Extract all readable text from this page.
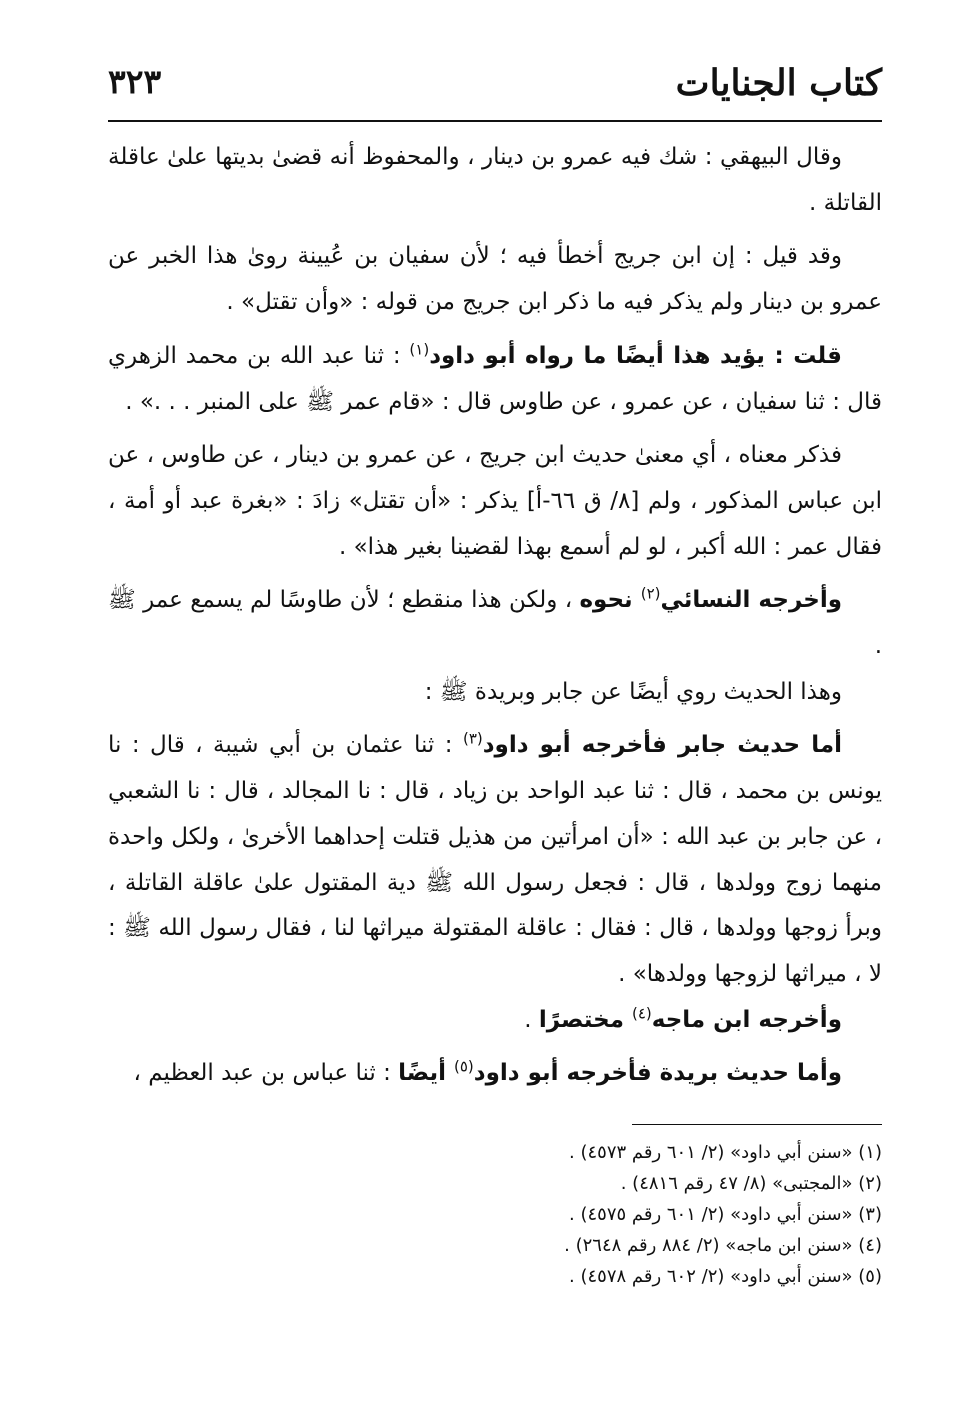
كتاب الجنايات
٣٢٣

وقال البيهقي : شك فيه عمرو بن دينار ، والمحفوظ أنه قضىٰ بديتها علىٰ عاقلة القاتلة .

وقد قيل : إن ابن جريج أخطأ فيه ؛ لأن سفيان بن عُيينة روىٰ هذا الخبر عن عمرو بن دينار ولم يذكر فيه ما ذكر ابن جريج من قوله : «وأن تقتل» .

قلت : يؤيد هذا أيضًا ما رواه أبو داود$^{(١)}$ : ثنا عبد الله بن محمد الزهري قال : ثنا سفيان ، عن عمرو ، عن طاوس قال : «قام عمر ﷺ على المنبر . . .» .

فذكر معناه ، أي معنىٰ حديث ابن جريج ، عن عمرو بن دينار ، عن طاوس ، عن ابن عباس المذكور ، ولم [٨/ ق ٦٦-أ] يذكر : «أن تقتل» زادَ : «بغرة عبد أو أمة ، فقال عمر : الله أكبر ، لو لم أسمع بهذا لقضينا بغير هذا» .

وأخرجه النسائي$^{(٢)}$ نحوه ، ولكن هذا منقطع ؛ لأن طاوسًا لم يسمع عمر ﷺ .

وهذا الحديث روي أيضًا عن جابر وبريدة ﷺ :

أما حديث جابر فأخرجه أبو داود$^{(٣)}$ : ثنا عثمان بن أبي شيبة ، قال : نا يونس بن محمد ، قال : ثنا عبد الواحد بن زياد ، قال : نا المجالد ، قال : نا الشعبي ، عن جابر بن عبد الله : «أن امرأتين من هذيل قتلت إحداهما الأخرىٰ ، ولكل واحدة منهما زوج وولدها ، قال : فجعل رسول الله ﷺ دية المقتول علىٰ عاقلة القاتلة ، وبرأ زوجها وولدها ، قال : فقال : عاقلة المقتولة ميراثها لنا ، فقال رسول الله ﷺ : لا ، ميراثها لزوجها وولدها» .

وأخرجه ابن ماجه$^{(٤)}$ مختصرًا .

وأما حديث بريدة فأخرجه أبو داود$^{(٥)}$ أيضًا : ثنا عباس بن عبد العظيم ،

(١) «سنن أبي داود» (٢/ ٦٠١ رقم ٤٥٧٣) .
(٢) «المجتبى» (٨/ ٤٧ رقم ٤٨١٦) .
(٣) «سنن أبي داود» (٢/ ٦٠١ رقم ٤٥٧٥) .
(٤) «سنن ابن ماجه» (٢/ ٨٨٤ رقم ٢٦٤٨) .
(٥) «سنن أبي داود» (٢/ ٦٠٢ رقم ٤٥٧٨) .
